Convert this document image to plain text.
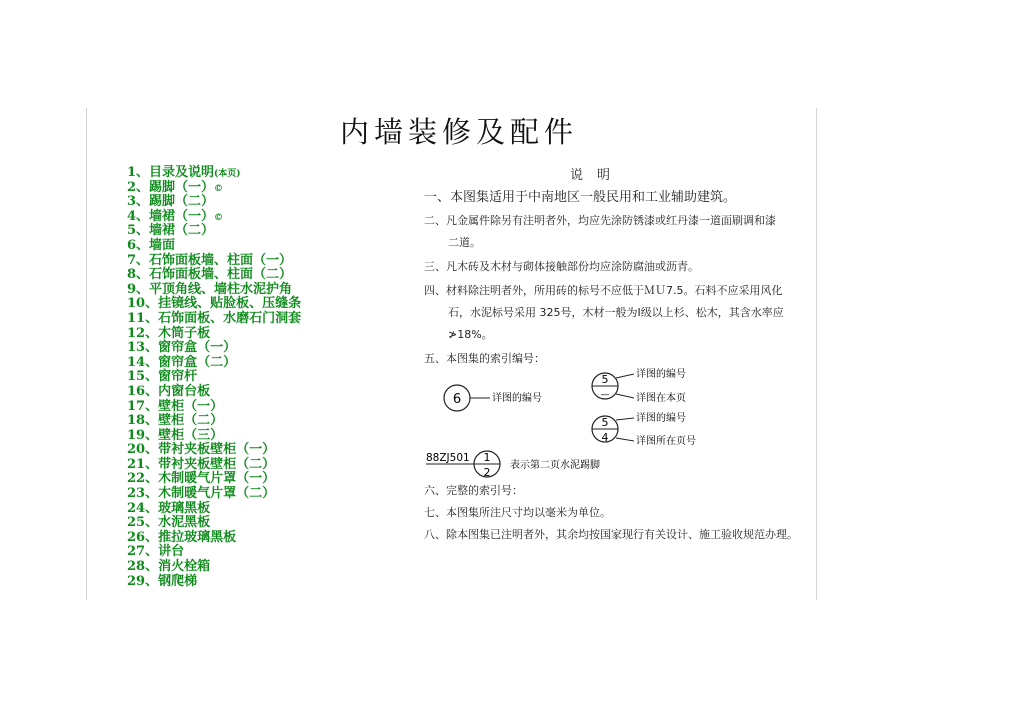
内墙装修及配件
1、目录及说明(本页)
2、踢脚（一）©
3、踢脚（二）
4、墙裙（一）©
5、墙裙（二）
6、墙面
7、石饰面板墙、柱面（一）
8、石饰面板墙、柱面（二）
9、平顶角线、墙柱水泥护角
10、挂镜线、贴脸板、压缝条
11、石饰面板、水磨石门洞套
12、木筒子板
13、窗帘盒（一）
14、窗帘盒（二）
15、窗帘杆
16、内窗台板
17、壁柜（一）
18、壁柜（二）
19、壁柜（三）
20、带衬夹板壁柜（一）
21、带衬夹板壁柜（二）
22、木制暖气片罩（一）
23、木制暖气片罩（二）
24、玻璃黑板
25、水泥黑板
26、推拉玻璃黑板
27、讲台
28、消火栓箱
29、钢爬梯
说明
一、本图集适用于中南地区一般民用和工业辅助建筑。
二、凡金属件除另有注明者外，均应先涂防锈漆或红丹漆一道面刷调和漆
二道。
三、凡木砖及木材与砌体接触部份均应涂防腐油或沥青。
四、材料除注明者外，所用砖的标号不应低于ＭＵ7.5。石料不应采用风化
石，水泥标号采用 325号，木材一般为Ⅰ级以上杉、松木，其含水率应
≯18%。
五、本图集的索引编号：
6	详图的编号
5
—
详图的编号
详图在本页
5
4
详图的编号
详图所在页号
88ZJ501 1
2
表示第二页水泥踢脚
六、完整的索引号：
七、本图集所注尺寸均以毫米为单位。
八、除本图集已注明者外，其余均按国家现行有关设计、施工验收规范办理。
